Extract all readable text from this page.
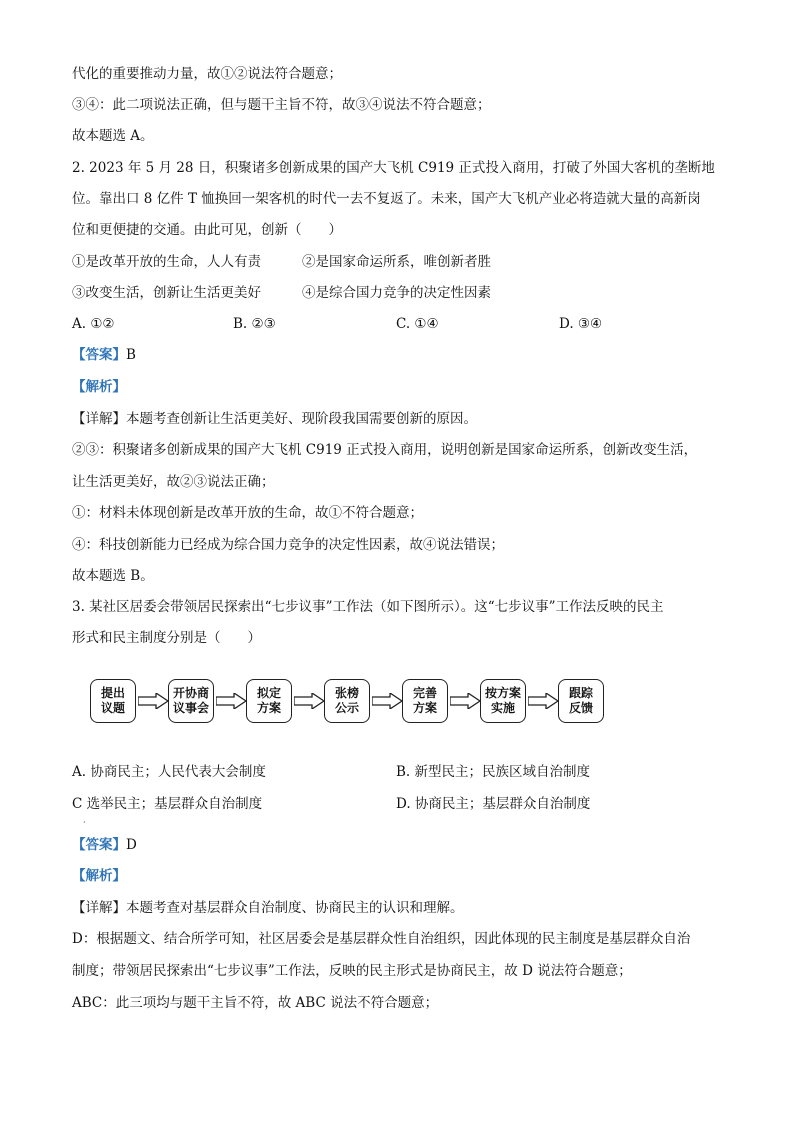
代化的重要推动力量，故①②说法符合题意；
③④：此二项说法正确，但与题干主旨不符，故③④说法不符合题意；
故本题选 A。
2. 2023 年 5 月 28 日，积聚诸多创新成果的国产大飞机 C919 正式投入商用，打破了外国大客机的垄断地
位。靠出口 8 亿件 T 恤换回一架客机的时代一去不复返了。未来，国产大飞机产业必将造就大量的高新岗
位和更便捷的交通。由此可见，创新（　　）
①是改革开放的生命，人人有责	②是国家命运所系，唯创新者胜
③改变生活，创新让生活更美好	④是综合国力竞争的决定性因素
A. ①②	B. ②③	C. ①④	D. ③④
【答案】B
【解析】
【详解】本题考查创新让生活更美好、现阶段我国需要创新的原因。
②③：积聚诸多创新成果的国产大飞机 C919 正式投入商用，说明创新是国家命运所系，创新改变生活，
让生活更美好，故②③说法正确；
①：材料未体现创新是改革开放的生命，故①不符合题意；
④：科技创新能力已经成为综合国力竞争的决定性因素，故④说法错误；
故本题选 B。
3. 某社区居委会带领居民探索出“七步议事”工作法（如下图所示）。这“七步议事”工作法反映的民主
形式和民主制度分别是（　　）
提出
议题
开协商
议事会
拟定
方案
张榜
公示
完善
方案
按方案
实施
跟踪
反馈
A. 协商民主；人民代表大会制度	B. 新型民主；民族区域自治制度
C 选举民主；基层群众自治制度	D. 协商民主；基层群众自治制度
·
【答案】D
【解析】
【详解】本题考查对基层群众自治制度、协商民主的认识和理解。
D：根据题文、结合所学可知，社区居委会是基层群众性自治组织，因此体现的民主制度是基层群众自治
制度；带领居民探索出“七步议事”工作法，反映的民主形式是协商民主，故 D 说法符合题意；
ABC：此三项均与题干主旨不符，故 ABC 说法不符合题意；
